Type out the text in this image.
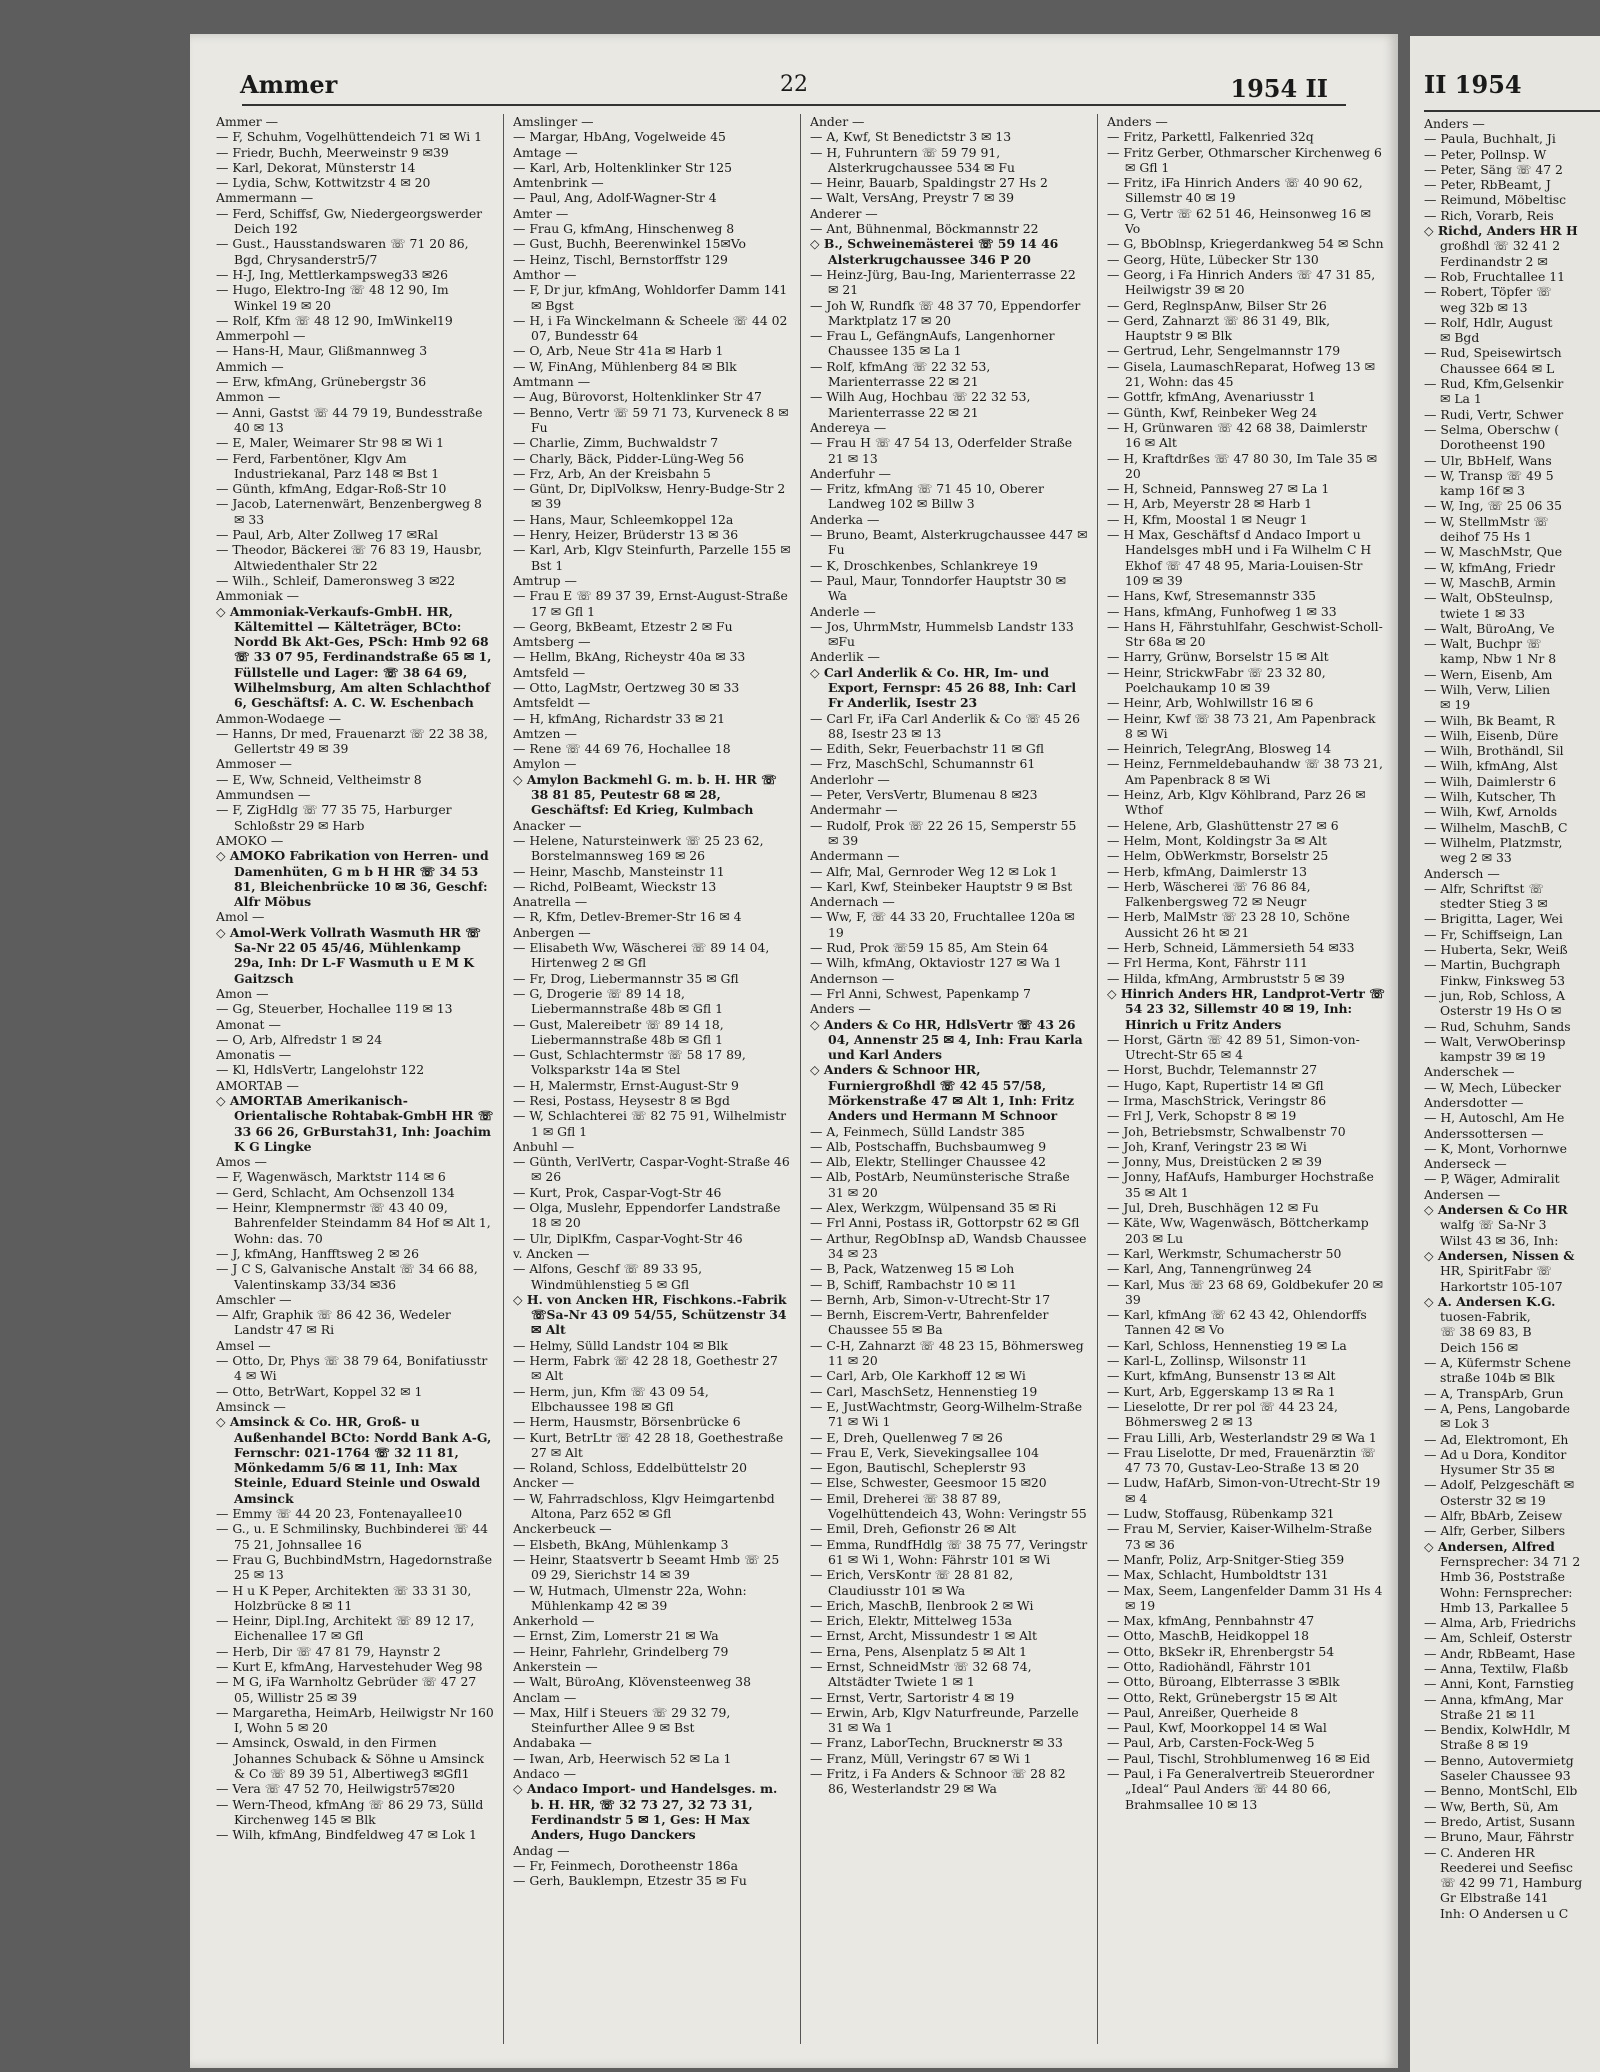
Ammer	22	1954 II
Ammer —
— F, Schuhm, Vogelhüttendeich 71 ✉ Wi 1
— Friedr, Buchh, Meerweinstr 9 ✉39
— Karl, Dekorat, Münsterstr 14
— Lydia, Schw, Kottwitzstr 4 ✉ 20
Ammermann —
— Ferd, Schiffsf, Gw, Niedergeorgswerder Deich 192
— Gust., Hausstandswaren ☏ 71 20 86, Bgd, Chrysanderstr5/7
— H-J, Ing, Mettlerkampsweg33 ✉26
— Hugo, Elektro-Ing ☏ 48 12 90, Im Winkel 19 ✉ 20
— Rolf, Kfm ☏ 48 12 90, ImWinkel19
Ammerpohl —
— Hans-H, Maur, Glißmannweg 3
Ammich —
— Erw, kfmAng, Grünebergstr 36
Ammon —
— Anni, Gastst ☏ 44 79 19, Bundesstraße 40 ✉ 13
— E, Maler, Weimarer Str 98 ✉ Wi 1
— Ferd, Farbentöner, Klgv Am Industriekanal, Parz 148 ✉ Bst 1
— Günth, kfmAng, Edgar-Roß-Str 10
— Jacob, Laternenwärt, Benzenbergweg 8 ✉ 33
— Paul, Arb, Alter Zollweg 17 ✉Ral
— Theodor, Bäckerei ☏ 76 83 19, Hausbr, Altwiedenthaler Str 22
— Wilh., Schleif, Dameronsweg 3 ✉22
Ammoniak —
◇ Ammoniak-Verkaufs-GmbH. HR, Kältemittel — Kälteträger, BCto: Nordd Bk Akt-Ges, PSch: Hmb 92 68 ☏ 33 07 95, Ferdinandstraße 65 ✉ 1, Füllstelle und Lager: ☏ 38 64 69, Wilhelmsburg, Am alten Schlachthof 6, Geschäftsf: A. C. W. Eschenbach
Ammon-Wodaege —
— Hanns, Dr med, Frauenarzt ☏ 22 38 38, Gellertstr 49 ✉ 39
Ammoser —
— E, Ww, Schneid, Veltheimstr 8
Ammundsen —
— F, ZigHdlg ☏ 77 35 75, Harburger Schloßstr 29 ✉ Harb
AMOKO —
◇ AMOKO Fabrikation von Herren- und Damenhüten, G m b H HR ☏ 34 53 81, Bleichenbrücke 10 ✉ 36, Geschf: Alfr Möbus
Amol —
◇ Amol-Werk Vollrath Wasmuth HR ☏ Sa-Nr 22 05 45/46, Mühlenkamp 29a, Inh: Dr L-F Wasmuth u E M K Gaitzsch
Amon —
— Gg, Steuerber, Hochallee 119 ✉ 13
Amonat —
— O, Arb, Alfredstr 1 ✉ 24
Amonatis —
— Kl, HdlsVertr, Langelohstr 122
AMORTAB —
◇ AMORTAB Amerikanisch-Orientalische Rohtabak-GmbH HR ☏ 33 66 26, GrBurstah31, Inh: Joachim K G Lingke
Amos —
— F, Wagenwäsch, Marktstr 114 ✉ 6
— Gerd, Schlacht, Am Ochsenzoll 134
— Heinr, Klempnermstr ☏ 43 40 09, Bahrenfelder Steindamm 84 Hof ✉ Alt 1, Wohn: das. 70
— J, kfmAng, Hanfftsweg 2 ✉ 26
— J C S, Galvanische Anstalt ☏ 34 66 88, Valentinskamp 33/34 ✉36
Amschler —
— Alfr, Graphik ☏ 86 42 36, Wedeler Landstr 47 ✉ Ri
Amsel —
— Otto, Dr, Phys ☏ 38 79 64, Bonifatiusstr 4 ✉ Wi
— Otto, BetrWart, Koppel 32 ✉ 1
Amsinck —
◇ Amsinck & Co. HR, Groß- u Außenhandel BCto: Nordd Bank A-G, Fernschr: 021-1764 ☏ 32 11 81, Mönkedamm 5/6 ✉ 11, Inh: Max Steinle, Eduard Steinle und Oswald Amsinck
— Emmy ☏ 44 20 23, Fontenayallee10
— G., u. E Schmilinsky, Buchbinderei ☏ 44 75 21, Johnsallee 16
— Frau G, BuchbindMstrn, Hagedornstraße 25 ✉ 13
— H u K Peper, Architekten ☏ 33 31 30, Holzbrücke 8 ✉ 11
— Heinr, Dipl.Ing, Architekt ☏ 89 12 17, Eichenallee 17 ✉ Gfl
— Herb, Dir ☏ 47 81 79, Haynstr 2
— Kurt E, kfmAng, Harvestehuder Weg 98
— M G, iFa Warnholtz Gebrüder ☏ 47 27 05, Willistr 25 ✉ 39
— Margaretha, HeimArb, Heilwigstr Nr 160 I, Wohn 5 ✉ 20
— Amsinck, Oswald, in den Firmen Johannes Schuback & Söhne u Amsinck & Co ☏ 89 39 51, Albertiweg3 ✉Gfl1
— Vera ☏ 47 52 70, Heilwigstr57✉20
— Wern-Theod, kfmAng ☏ 86 29 73, Sülld Kirchenweg 145 ✉ Blk
— Wilh, kfmAng, Bindfeldweg 47 ✉ Lok 1
Amslinger —
— Margar, HbAng, Vogelweide 45
Amtage —
— Karl, Arb, Holtenklinker Str 125
Amtenbrink —
— Paul, Ang, Adolf-Wagner-Str 4
Amter —
— Frau G, kfmAng, Hinschenweg 8
— Gust, Buchh, Beerenwinkel 15✉Vo
— Heinz, Tischl, Bernstorffstr 129
Amthor —
— F, Dr jur, kfmAng, Wohldorfer Damm 141 ✉ Bgst
— H, i Fa Winckelmann & Scheele ☏ 44 02 07, Bundesstr 64
— O, Arb, Neue Str 41a ✉ Harb 1
— W, FinAng, Mühlenberg 84 ✉ Blk
Amtmann —
— Aug, Bürovorst, Holtenklinker Str 47
— Benno, Vertr ☏ 59 71 73, Kurveneck 8 ✉ Fu
— Charlie, Zimm, Buchwaldstr 7
— Charly, Bäck, Pidder-Lüng-Weg 56
— Frz, Arb, An der Kreisbahn 5
— Günt, Dr, DiplVolksw, Henry-Budge-Str 2 ✉ 39
— Hans, Maur, Schleemkoppel 12a
— Henry, Heizer, Brüderstr 13 ✉ 36
— Karl, Arb, Klgv Steinfurth, Parzelle 155 ✉ Bst 1
Amtrup —
— Frau E ☏ 89 37 39, Ernst-August-Straße 17 ✉ Gfl 1
— Georg, BkBeamt, Etzestr 2 ✉ Fu
Amtsberg —
— Hellm, BkAng, Richeystr 40a ✉ 33
Amtsfeld —
— Otto, LagMstr, Oertzweg 30 ✉ 33
Amtsfeldt —
— H, kfmAng, Richardstr 33 ✉ 21
Amtzen —
— Rene ☏ 44 69 76, Hochallee 18
Amylon —
◇ Amylon Backmehl G. m. b. H. HR ☏ 38 81 85, Peutestr 68 ✉ 28, Geschäftsf: Ed Krieg, Kulmbach
Anacker —
— Helene, Natursteinwerk ☏ 25 23 62, Borstelmannsweg 169 ✉ 26
— Heinr, Maschb, Mansteinstr 11
— Richd, PolBeamt, Wieckstr 13
Anatrella —
— R, Kfm, Detlev-Bremer-Str 16 ✉ 4
Anbergen —
— Elisabeth Ww, Wäscherei ☏ 89 14 04, Hirtenweg 2 ✉ Gfl
— Fr, Drog, Liebermannstr 35 ✉ Gfl
— G, Drogerie ☏ 89 14 18, Liebermannstraße 48b ✉ Gfl 1
— Gust, Malereibetr ☏ 89 14 18, Liebermannstraße 48b ✉ Gfl 1
— Gust, Schlachtermstr ☏ 58 17 89, Volksparkstr 14a ✉ Stel
— H, Malermstr, Ernst-August-Str 9
— Resi, Postass, Heysestr 8 ✉ Bgd
— W, Schlachterei ☏ 82 75 91, Wilhelmistr 1 ✉ Gfl 1
Anbuhl —
— Günth, VerlVertr, Caspar-Voght-Straße 46 ✉ 26
— Kurt, Prok, Caspar-Vogt-Str 46
— Olga, Muslehr, Eppendorfer Landstraße 18 ✉ 20
— Ulr, DiplKfm, Caspar-Voght-Str 46
v. Ancken —
— Alfons, Geschf ☏ 89 33 95, Windmühlenstieg 5 ✉ Gfl
◇ H. von Ancken HR, Fischkons.-Fabrik ☏Sa-Nr 43 09 54/55, Schützenstr 34 ✉ Alt
— Helmy, Sülld Landstr 104 ✉ Blk
— Herm, Fabrk ☏ 42 28 18, Goethestr 27 ✉ Alt
— Herm, jun, Kfm ☏ 43 09 54, Elbchaussee 198 ✉ Gfl
— Herm, Hausmstr, Börsenbrücke 6
— Kurt, BetrLtr ☏ 42 28 18, Goethestraße 27 ✉ Alt
— Roland, Schloss, Eddelbüttelstr 20
Ancker —
— W, Fahrradschloss, Klgv Heimgartenbd Altona, Parz 652 ✉ Gfl
Anckerbeuck —
— Elsbeth, BkAng, Mühlenkamp 3
— Heinr, Staatsvertr b Seeamt Hmb ☏ 25 09 29, Sierichstr 14 ✉ 39
— W, Hutmach, Ulmenstr 22a, Wohn: Mühlenkamp 42 ✉ 39
Ankerhold —
— Ernst, Zim, Lomerstr 21 ✉ Wa
— Heinr, Fahrlehr, Grindelberg 79
Ankerstein —
— Walt, BüroAng, Klövensteenweg 38
Anclam —
— Max, Hilf i Steuers ☏ 29 32 79, Steinfurther Allee 9 ✉ Bst
Andabaka —
— Iwan, Arb, Heerwisch 52 ✉ La 1
Andaco —
◇ Andaco Import- und Handelsges. m. b. H. HR, ☏ 32 73 27, 32 73 31, Ferdinandstr 5 ✉ 1, Ges: H Max Anders, Hugo Danckers
Andag —
— Fr, Feinmech, Dorotheenstr 186a
— Gerh, Bauklempn, Etzestr 35 ✉ Fu
Ander —
— A, Kwf, St Benedictstr 3 ✉ 13
— H, Fuhruntern ☏ 59 79 91, Alsterkrugchaussee 534 ✉ Fu
— Heinr, Bauarb, Spaldingstr 27 Hs 2
— Walt, VersAng, Preystr 7 ✉ 39
Anderer —
— Ant, Bühnenmal, Böckmannstr 22
◇ B., Schweinemästerei ☏ 59 14 46 Alsterkrugchaussee 346 P 20
— Heinz-Jürg, Bau-Ing, Marienterrasse 22 ✉ 21
— Joh W, Rundfk ☏ 48 37 70, Eppendorfer Marktplatz 17 ✉ 20
— Frau L, GefängnAufs, Langenhorner Chaussee 135 ✉ La 1
— Rolf, kfmAng ☏ 22 32 53, Marienterrasse 22 ✉ 21
— Wilh Aug, Hochbau ☏ 22 32 53, Marienterrasse 22 ✉ 21
Andereya —
— Frau H ☏ 47 54 13, Oderfelder Straße 21 ✉ 13
Anderfuhr —
— Fritz, kfmAng ☏ 71 45 10, Oberer Landweg 102 ✉ Billw 3
Anderka —
— Bruno, Beamt, Alsterkrugchaussee 447 ✉ Fu
— K, Droschkenbes, Schlankreye 19
— Paul, Maur, Tonndorfer Hauptstr 30 ✉ Wa
Anderle —
— Jos, UhrmMstr, Hummelsb Landstr 133 ✉Fu
Anderlik —
◇ Carl Anderlik & Co. HR, Im- und Export, Fernspr: 45 26 88, Inh: Carl Fr Anderlik, Isestr 23
— Carl Fr, iFa Carl Anderlik & Co ☏ 45 26 88, Isestr 23 ✉ 13
— Edith, Sekr, Feuerbachstr 11 ✉ Gfl
— Frz, MaschSchl, Schumannstr 61
Anderlohr —
— Peter, VersVertr, Blumenau 8 ✉23
Andermahr —
— Rudolf, Prok ☏ 22 26 15, Semperstr 55 ✉ 39
Andermann —
— Alfr, Mal, Gernroder Weg 12 ✉ Lok 1
— Karl, Kwf, Steinbeker Hauptstr 9 ✉ Bst
Andernach —
— Ww, F, ☏ 44 33 20, Fruchtallee 120a ✉ 19
— Rud, Prok ☏59 15 85, Am Stein 64
— Wilh, kfmAng, Oktaviostr 127 ✉ Wa 1
Andernson —
— Frl Anni, Schwest, Papenkamp 7
Anders —
◇ Anders & Co HR, HdlsVertr ☏ 43 26 04, Annenstr 25 ✉ 4, Inh: Frau Karla und Karl Anders
◇ Anders & Schnoor HR, Furniergroßhdl ☏ 42 45 57/58, Mörkenstraße 47 ✉ Alt 1, Inh: Fritz Anders und Hermann M Schnoor
— A, Feinmech, Sülld Landstr 385
— Alb, Postschaffn, Buchsbaumweg 9
— Alb, Elektr, Stellinger Chaussee 42
— Alb, PostArb, Neumünsterische Straße 31 ✉ 20
— Alex, Werkzgm, Wülpensand 35 ✉ Ri
— Frl Anni, Postass iR, Gottorpstr 62 ✉ Gfl
— Arthur, RegObInsp aD, Wandsb Chaussee 34 ✉ 23
— B, Pack, Watzenweg 15 ✉ Loh
— B, Schiff, Rambachstr 10 ✉ 11
— Bernh, Arb, Simon-v-Utrecht-Str 17
— Bernh, Eiscrem-Vertr, Bahrenfelder Chaussee 55 ✉ Ba
— C-H, Zahnarzt ☏ 48 23 15, Böhmersweg 11 ✉ 20
— Carl, Arb, Ole Karkhoff 12 ✉ Wi
— Carl, MaschSetz, Hennenstieg 19
— E, JustWachtmstr, Georg-Wilhelm-Straße 71 ✉ Wi 1
— E, Dreh, Quellenweg 7 ✉ 26
— Frau E, Verk, Sievekingsallee 104
— Egon, Bautischl, Scheplerstr 93
— Else, Schwester, Geesmoor 15 ✉20
— Emil, Dreherei ☏ 38 87 89, Vogelhüttendeich 43, Wohn: Veringstr 55
— Emil, Dreh, Gefionstr 26 ✉ Alt
— Emma, RundfHdlg ☏ 38 75 77, Veringstr 61 ✉ Wi 1, Wohn: Fährstr 101 ✉ Wi
— Erich, VersKontr ☏ 28 81 82, Claudiusstr 101 ✉ Wa
— Erich, MaschB, Ilenbrook 2 ✉ Wi
— Erich, Elektr, Mittelweg 153a
— Ernst, Archt, Missundestr 1 ✉ Alt
— Erna, Pens, Alsenplatz 5 ✉ Alt 1
— Ernst, SchneidMstr ☏ 32 68 74, Altstädter Twiete 1 ✉ 1
— Ernst, Vertr, Sartoristr 4 ✉ 19
— Erwin, Arb, Klgv Naturfreunde, Parzelle 31 ✉ Wa 1
— Franz, LaborTechn, Brucknerstr ✉ 33
— Franz, Müll, Veringstr 67 ✉ Wi 1
— Fritz, i Fa Anders & Schnoor ☏ 28 82 86, Westerlandstr 29 ✉ Wa
Anders —
— Fritz, Parkettl, Falkenried 32q
— Fritz Gerber, Othmarscher Kirchenweg 6 ✉ Gfl 1
— Fritz, iFa Hinrich Anders ☏ 40 90 62, Sillemstr 40 ✉ 19
— G, Vertr ☏ 62 51 46, Heinsonweg 16 ✉ Vo
— G, BbOblnsp, Kriegerdankweg 54 ✉ Schn
— Georg, Hüte, Lübecker Str 130
— Georg, i Fa Hinrich Anders ☏ 47 31 85, Heilwigstr 39 ✉ 20
— Gerd, ReglnspAnw, Bilser Str 26
— Gerd, Zahnarzt ☏ 86 31 49, Blk, Hauptstr 9 ✉ Blk
— Gertrud, Lehr, Sengelmannstr 179
— Gisela, LaumaschReparat, Hofweg 13 ✉ 21, Wohn: das 45
— Gottfr, kfmAng, Avenariusstr 1
— Günth, Kwf, Reinbeker Weg 24
— H, Grünwaren ☏ 42 68 38, Daimlerstr 16 ✉ Alt
— H, Kraftdrßes ☏ 47 80 30, Im Tale 35 ✉ 20
— H, Schneid, Pannsweg 27 ✉ La 1
— H, Arb, Meyerstr 28 ✉ Harb 1
— H, Kfm, Moostal 1 ✉ Neugr 1
— H Max, Geschäftsf d Andaco Import u Handelsges mbH und i Fa Wilhelm C H Ekhof ☏ 47 48 95, Maria-Louisen-Str 109 ✉ 39
— Hans, Kwf, Stresemannstr 335
— Hans, kfmAng, Funhofweg 1 ✉ 33
— Hans H, Fährstuhlfahr, Geschwist-Scholl-Str 68a ✉ 20
— Harry, Grünw, Borselstr 15 ✉ Alt
— Heinr, StrickwFabr ☏ 23 32 80, Poelchaukamp 10 ✉ 39
— Heinr, Arb, Wohlwillstr 16 ✉ 6
— Heinr, Kwf ☏ 38 73 21, Am Papenbrack 8 ✉ Wi
— Heinrich, TelegrAng, Blosweg 14
— Heinz, Fernmeldebauhandw ☏ 38 73 21, Am Papenbrack 8 ✉ Wi
— Heinz, Arb, Klgv Köhlbrand, Parz 26 ✉ Wthof
— Helene, Arb, Glashüttenstr 27 ✉ 6
— Helm, Mont, Koldingstr 3a ✉ Alt
— Helm, ObWerkmstr, Borselstr 25
— Herb, kfmAng, Daimlerstr 13
— Herb, Wäscherei ☏ 76 86 84, Falkenbergsweg 72 ✉ Neugr
— Herb, MalMstr ☏ 23 28 10, Schöne Aussicht 26 ht ✉ 21
— Herb, Schneid, Lämmersieth 54 ✉33
— Frl Herma, Kont, Fährstr 111
— Hilda, kfmAng, Armbruststr 5 ✉ 39
◇ Hinrich Anders HR, Landprot-Vertr ☏ 54 23 32, Sillemstr 40 ✉ 19, Inh: Hinrich u Fritz Anders
— Horst, Gärtn ☏ 42 89 51, Simon-von-Utrecht-Str 65 ✉ 4
— Horst, Buchdr, Telemannstr 27
— Hugo, Kapt, Rupertistr 14 ✉ Gfl
— Irma, MaschStrick, Veringstr 86
— Frl J, Verk, Schopstr 8 ✉ 19
— Joh, Betriebsmstr, Schwalbenstr 70
— Joh, Kranf, Veringstr 23 ✉ Wi
— Jonny, Mus, Dreistücken 2 ✉ 39
— Jonny, HafAufs, Hamburger Hochstraße 35 ✉ Alt 1
— Jul, Dreh, Buschhägen 12 ✉ Fu
— Käte, Ww, Wagenwäsch, Böttcherkamp 203 ✉ Lu
— Karl, Werkmstr, Schumacherstr 50
— Karl, Ang, Tannengrünweg 24
— Karl, Mus ☏ 23 68 69, Goldbekufer 20 ✉ 39
— Karl, kfmAng ☏ 62 43 42, Ohlendorffs Tannen 42 ✉ Vo
— Karl, Schloss, Hennenstieg 19 ✉ La
— Karl-L, Zollinsp, Wilsonstr 11
— Kurt, kfmAng, Bunsenstr 13 ✉ Alt
— Kurt, Arb, Eggerskamp 13 ✉ Ra 1
— Lieselotte, Dr rer pol ☏ 44 23 24, Böhmersweg 2 ✉ 13
— Frau Lilli, Arb, Westerlandstr 29 ✉ Wa 1
— Frau Liselotte, Dr med, Frauenärztin ☏ 47 73 70, Gustav-Leo-Straße 13 ✉ 20
— Ludw, HafArb, Simon-von-Utrecht-Str 19 ✉ 4
— Ludw, Stoffausg, Rübenkamp 321
— Frau M, Servier, Kaiser-Wilhelm-Straße 73 ✉ 36
— Manfr, Poliz, Arp-Snitger-Stieg 359
— Max, Schlacht, Humboldtstr 131
— Max, Seem, Langenfelder Damm 31 Hs 4 ✉ 19
— Max, kfmAng, Pennbahnstr 47
— Otto, MaschB, Heidkoppel 18
— Otto, BkSekr iR, Ehrenbergstr 54
— Otto, Radiohändl, Fährstr 101
— Otto, Büroang, Elbterrasse 3 ✉Blk
— Otto, Rekt, Grünebergstr 15 ✉ Alt
— Paul, Anreißer, Querheide 8
— Paul, Kwf, Moorkoppel 14 ✉ Wal
— Paul, Arb, Carsten-Fock-Weg 5
— Paul, Tischl, Strohblumenweg 16 ✉ Eid
— Paul, i Fa Generalvertreib Steuerordner „Ideal“ Paul Anders ☏ 44 80 66, Brahmsallee 10 ✉ 13
II 1954
Anders —
— Paula, Buchhalt, Ji
— Peter, Pollnsp. W
— Peter, Säng ☏ 47 2
— Peter, RbBeamt, J
— Reimund, Möbeltisc
— Rich, Vorarb, Reis
◇ Richd, Anders HR H
großhdl ☏ 32 41 2
Ferdinandstr 2 ✉
— Rob, Fruchtallee 11
— Robert, Töpfer ☏
weg 32b ✉ 13
— Rolf, Hdlr, August
✉ Bgd
— Rud, Speisewirtsch
Chaussee 664 ✉ L
— Rud, Kfm,Gelsenkir
✉ La 1
— Rudi, Vertr, Schwer
— Selma, Oberschw (
Dorotheenst 190
— Ulr, BbHelf, Wans
— W, Transp ☏ 49 5
kamp 16f ✉ 3
— W, Ing, ☏ 25 06 35
— W, StellmMstr ☏
deihof 75 Hs 1
— W, MaschMstr, Que
— W, kfmAng, Friedr
— W, MaschB, Armin
— Walt, ObSteulnsp,
twiete 1 ✉ 33
— Walt, BüroAng, Ve
— Walt, Buchpr ☏
kamp, Nbw 1 Nr 8
— Wern, Eisenb, Am
— Wilh, Verw, Lilien
✉ 19
— Wilh, Bk Beamt, R
— Wilh, Eisenb, Düre
— Wilh, Brothändl, Sil
— Wilh, kfmAng, Alst
— Wilh, Daimlerstr 6
— Wilh, Kutscher, Th
— Wilh, Kwf, Arnolds
— Wilhelm, MaschB, C
— Wilhelm, Platzmstr,
weg 2 ✉ 33
Andersch —
— Alfr, Schriftst ☏
stedter Stieg 3 ✉
— Brigitta, Lager, Wei
— Fr, Schiffseign, Lan
— Huberta, Sekr, Weiß
— Martin, Buchgraph
Finkw, Finksweg 53
— jun, Rob, Schloss, A
Osterstr 19 Hs O ✉
— Rud, Schuhm, Sands
— Walt, VerwOberinsp
kampstr 39 ✉ 19
Anderschek —
— W, Mech, Lübecker
Andersdotter —
— H, Autoschl, Am He
Anderssottersen —
— K, Mont, Vorhornwe
Anderseck —
— P, Wäger, Admiralit
Andersen —
◇ Andersen & Co HR
walfg ☏ Sa-Nr 3
Wilst 43 ✉ 36, Inh:
◇ Andersen, Nissen &
HR, SpiritFabr ☏
Harkortstr 105-107
◇ A. Andersen K.G.
tuosen-Fabrik,
☏ 38 69 83, B
Deich 156 ✉
— A, Küfermstr Schene
straße 104b ✉ Blk
— A, TranspArb, Grun
— A, Pens, Langobarde
✉ Lok 3
— Ad, Elektromont, Eh
— Ad u Dora, Konditor
Hysumer Str 35 ✉
— Adolf, Pelzgeschäft ✉
Osterstr 32 ✉ 19
— Alfr, BbArb, Zeisew
— Alfr, Gerber, Silbers
◇ Andersen, Alfred
Fernsprecher: 34 71 2
Hmb 36, Poststraße
Wohn: Fernsprecher:
Hmb 13, Parkallee 5
— Alma, Arb, Friedrichs
— Am, Schleif, Osterstr
— Andr, RbBeamt, Hase
— Anna, Textilw, Flaßb
— Anni, Kont, Farnstieg
— Anna, kfmAng, Mar
Straße 21 ✉ 11
— Bendix, KolwHdlr, M
Straße 8 ✉ 19
— Benno, Autovermietg
Saseler Chaussee 93
— Benno, MontSchl, Elb
— Ww, Berth, Sü, Am
— Bredo, Artist, Susann
— Bruno, Maur, Fährstr
— C. Anderen HR
Reederei und Seefisc
☏ 42 99 71, Hamburg
Gr Elbstraße 141
Inh: O Andersen u C
